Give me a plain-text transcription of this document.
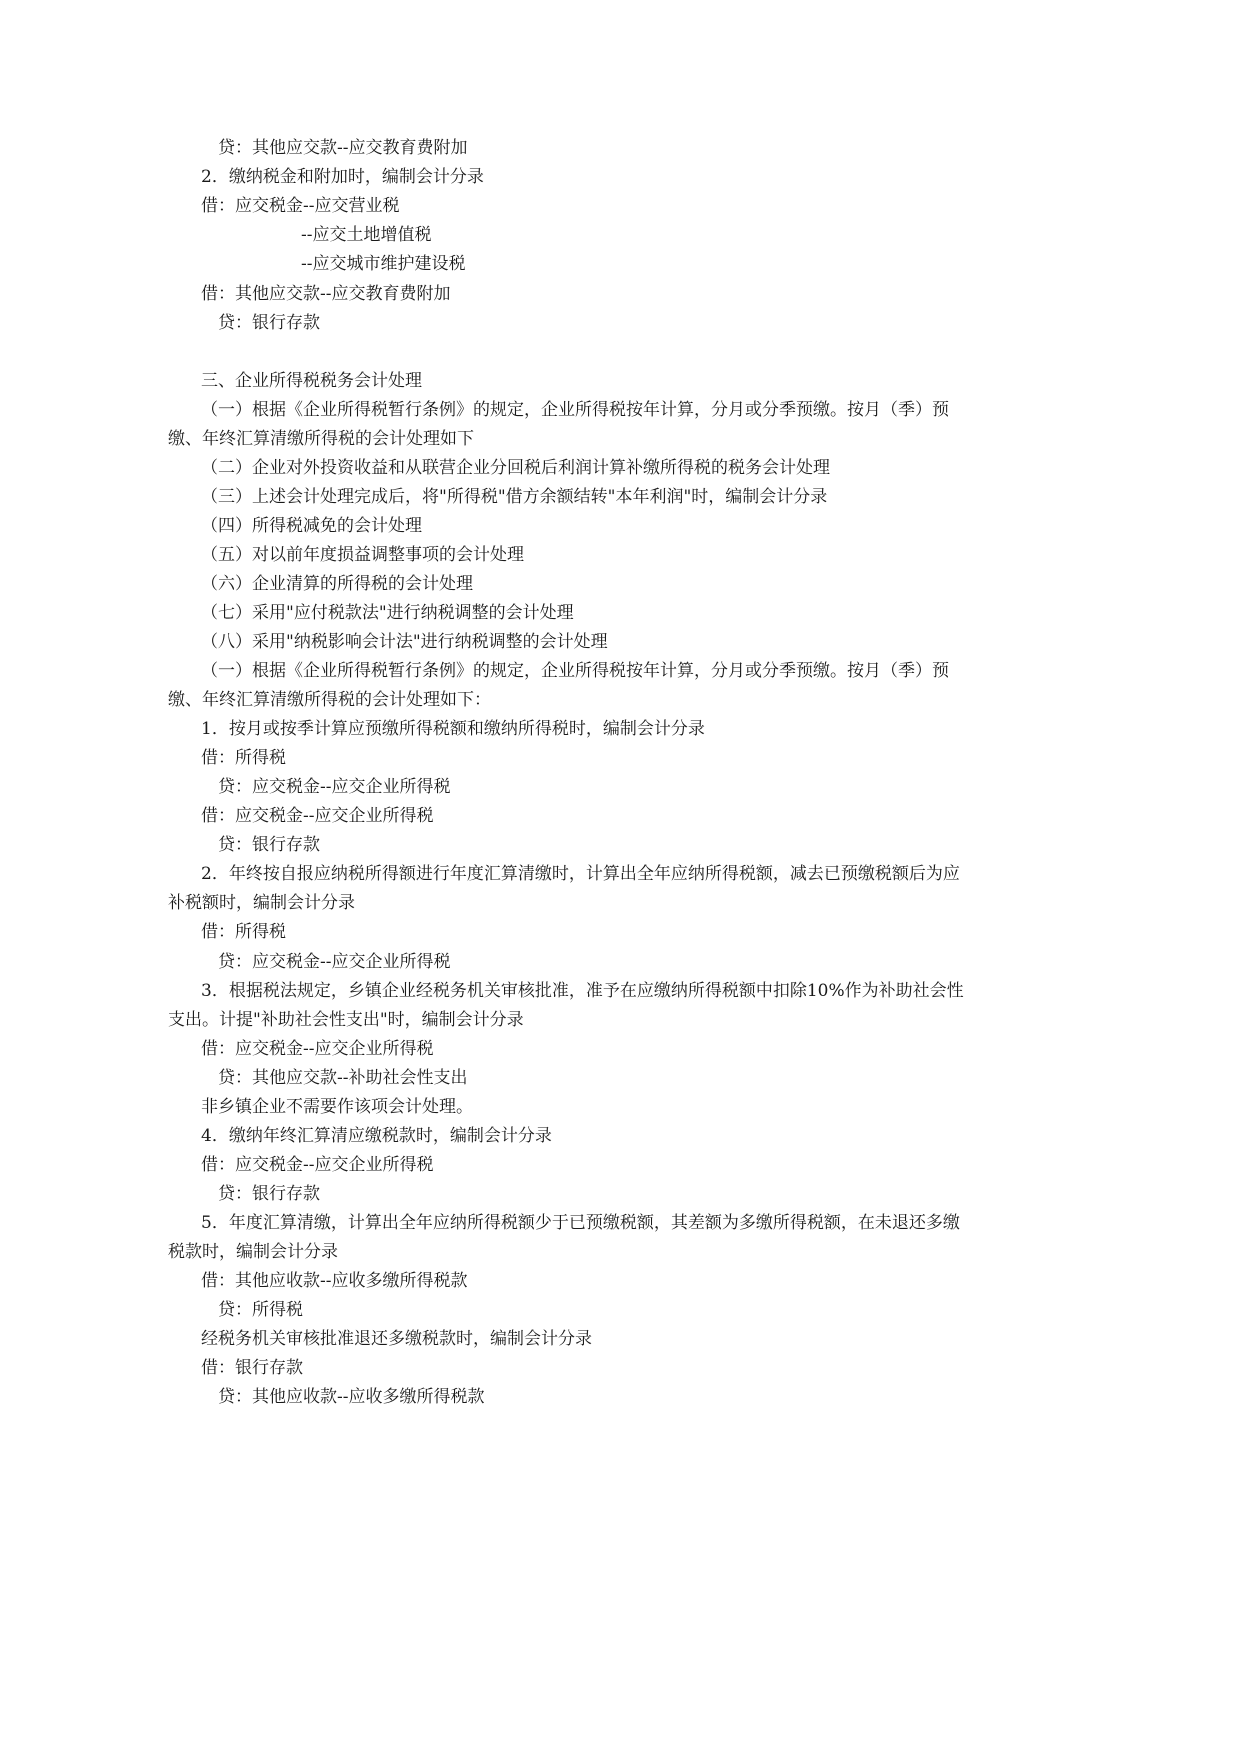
贷：其他应交款--应交教育费附加
2．缴纳税金和附加时，编制会计分录
借：应交税金--应交营业税
--应交土地增值税
--应交城市维护建设税
借：其他应交款--应交教育费附加
贷：银行存款
三、企业所得税税务会计处理
（一）根据《企业所得税暂行条例》的规定，企业所得税按年计算，分月或分季预缴。按月（季）预
缴、年终汇算清缴所得税的会计处理如下
（二）企业对外投资收益和从联营企业分回税后利润计算补缴所得税的税务会计处理
（三）上述会计处理完成后，将"所得税"借方余额结转"本年利润"时，编制会计分录
（四）所得税减免的会计处理
（五）对以前年度损益调整事项的会计处理
（六）企业清算的所得税的会计处理
（七）采用"应付税款法"进行纳税调整的会计处理
（八）采用"纳税影响会计法"进行纳税调整的会计处理
（一）根据《企业所得税暂行条例》的规定，企业所得税按年计算，分月或分季预缴。按月（季）预
缴、年终汇算清缴所得税的会计处理如下：
1．按月或按季计算应预缴所得税额和缴纳所得税时，编制会计分录
借：所得税
贷：应交税金--应交企业所得税
借：应交税金--应交企业所得税
贷：银行存款
2．年终按自报应纳税所得额进行年度汇算清缴时，计算出全年应纳所得税额，减去已预缴税额后为应
补税额时，编制会计分录
借：所得税
贷：应交税金--应交企业所得税
3．根据税法规定，乡镇企业经税务机关审核批准，准予在应缴纳所得税额中扣除10%作为补助社会性
支出。计提"补助社会性支出"时，编制会计分录
借：应交税金--应交企业所得税
贷：其他应交款--补助社会性支出
非乡镇企业不需要作该项会计处理。
4．缴纳年终汇算清应缴税款时，编制会计分录
借：应交税金--应交企业所得税
贷：银行存款
5．年度汇算清缴，计算出全年应纳所得税额少于已预缴税额，其差额为多缴所得税额，在未退还多缴
税款时，编制会计分录
借：其他应收款--应收多缴所得税款
贷：所得税
经税务机关审核批准退还多缴税款时，编制会计分录
借：银行存款
贷：其他应收款--应收多缴所得税款
